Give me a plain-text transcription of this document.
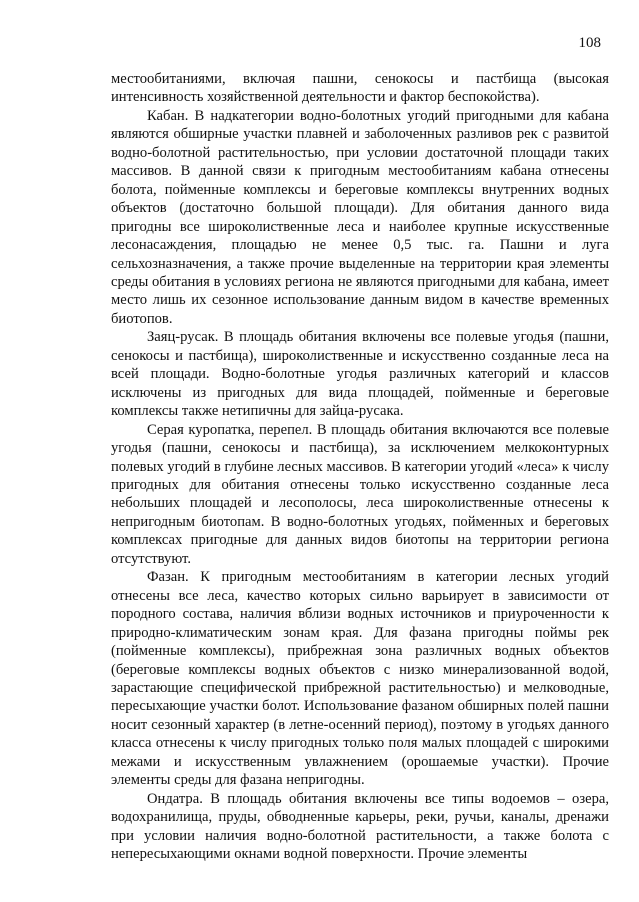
108

местообитаниями, включая пашни, сенокосы и пастбища (высокая интенсивность хозяйственной деятельности и фактор беспокойства).

Кабан. В надкатегории водно-болотных угодий пригодными для кабана являются обширные участки плавней и заболоченных разливов рек с развитой водно-болотной растительностью, при условии достаточной площади таких массивов. В данной связи к пригодным местообитаниям кабана отнесены болота, пойменные комплексы и береговые комплексы внутренних водных объектов (достаточно большой площади). Для обитания данного вида пригодны все широколиственные леса и наиболее крупные искусственные лесонасаждения, площадью не менее 0,5 тыс. га. Пашни и луга сельхозназначения, а также прочие выделенные на территории края элементы среды обитания в условиях региона не являются пригодными для кабана, имеет место лишь их сезонное использование данным видом в качестве временных биотопов.

Заяц-русак. В площадь обитания включены все полевые угодья (пашни, сенокосы и пастбища), широколиственные и искусственно созданные леса на всей площади. Водно-болотные угодья различных категорий и классов исключены из пригодных для вида площадей, пойменные и береговые комплексы также нетипичны для зайца-русака.

Серая куропатка, перепел. В площадь обитания включаются все полевые угодья (пашни, сенокосы и пастбища), за исключением мелкоконтурных полевых угодий в глубине лесных массивов. В категории угодий «леса» к числу пригодных для обитания отнесены только искусственно созданные леса небольших площадей и лесополосы, леса широколиственные отнесены к непригодным биотопам. В водно-болотных угодьях, пойменных и береговых комплексах пригодные для данных видов биотопы на территории региона отсутствуют.

Фазан. К пригодным местообитаниям в категории лесных угодий отнесены все леса, качество которых сильно варьирует в зависимости от породного состава, наличия вблизи водных источников и приуроченности к природно-климатическим зонам края. Для фазана пригодны поймы рек (пойменные комплексы), прибрежная зона различных водных объектов (береговые комплексы водных объектов с низко минерализованной водой, зарастающие специфической прибрежной растительностью) и мелководные, пересыхающие участки болот. Использование фазаном обширных полей пашни носит сезонный характер (в летне-осенний период), поэтому в угодьях данного класса отнесены к числу пригодных только поля малых площадей с широкими межами и искусственным увлажнением (орошаемые участки). Прочие элементы среды для фазана непригодны.

Ондатра. В площадь обитания включены все типы водоемов – озера, водохранилища, пруды, обводненные карьеры, реки, ручьи, каналы, дренажи при условии наличия водно-болотной растительности, а также болота с непересыхающими окнами водной поверхности. Прочие элементы
